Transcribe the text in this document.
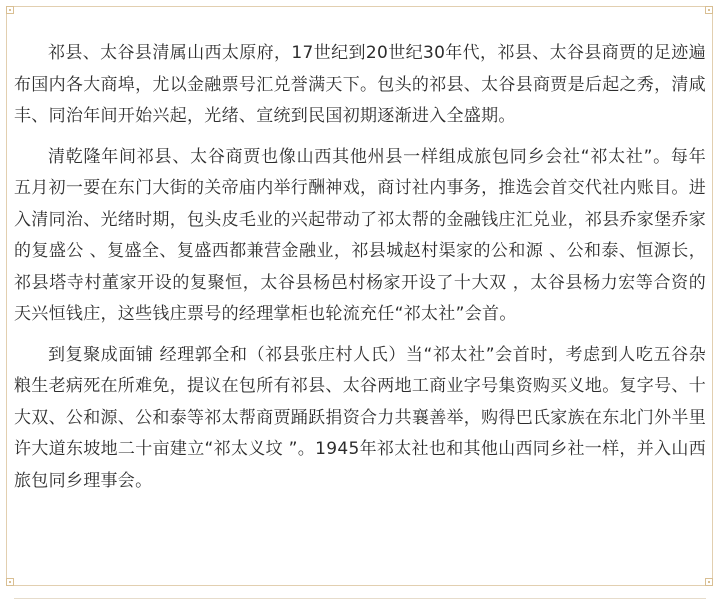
祁县、太谷县清属山西太原府，17世纪到20世纪30年代，祁县、太谷县商贾的足迹遍布国内各大商埠，尤以金融票号汇兑誉满天下。包头的祁县、太谷县商贾是后起之秀，清咸丰、同治年间开始兴起，光绪、宣统到民国初期逐渐进入全盛期。

清乾隆年间祁县、太谷商贾也像山西其他州县一样组成旅包同乡会社“祁太社”。每年五月初一要在东门大街的关帝庙内举行酬神戏，商讨社内事务，推选会首交代社内账目。进入清同治、光绪时期，包头皮毛业的兴起带动了祁太帮的金融钱庄汇兑业，祁县乔家堡乔家的复盛公 、复盛全、复盛西都兼营金融业，祁县城赵村渠家的公和源 、公和泰、恒源长，祁县塔寺村董家开设的复聚恒，太谷县杨邑村杨家开设了十大双 ，太谷县杨力宏等合资的天兴恒钱庄，这些钱庄票号的经理掌柜也轮流充任“祁太社”会首。

到复聚成面铺 经理郭全和（祁县张庄村人氏）当“祁太社”会首时，考虑到人吃五谷杂粮生老病死在所难免，提议在包所有祁县、太谷两地工商业字号集资购买义地。复字号、十大双、公和源、公和泰等祁太帮商贾踊跃捐资合力共襄善举，购得巴氏家族在东北门外半里许大道东坡地二十亩建立“祁太义坟 ”。1945年祁太社也和其他山西同乡社一样，并入山西旅包同乡理事会。
